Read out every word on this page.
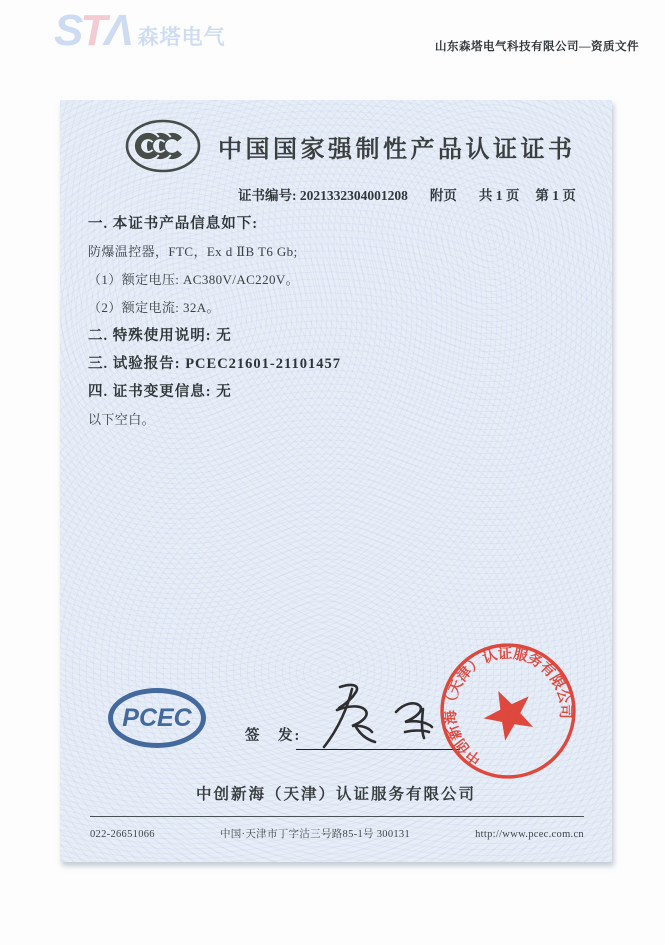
S T Λ 森塔电气	山东森塔电气科技有限公司—资质文件
中国国家强制性产品认证证书
证书编号: 2021332304001208 附页 共 1 页 第 1 页
一. 本证书产品信息如下:
防爆温控器，FTC，Ex d ⅡB T6 Gb;
（1）额定电压: AC380V/AC220V。
（2）额定电流: 32A。
二. 特殊使用说明: 无
三. 试验报告: PCEC21601-21101457
四. 证书变更信息: 无
以下空白。
PCEC
签　发:
中创新海（天津）认证服务有限公司
中创新海（天津）认证服务有限公司
022-26651066	中国·天津市丁字沽三号路85-1号 300131	http://www.pcec.com.cn
